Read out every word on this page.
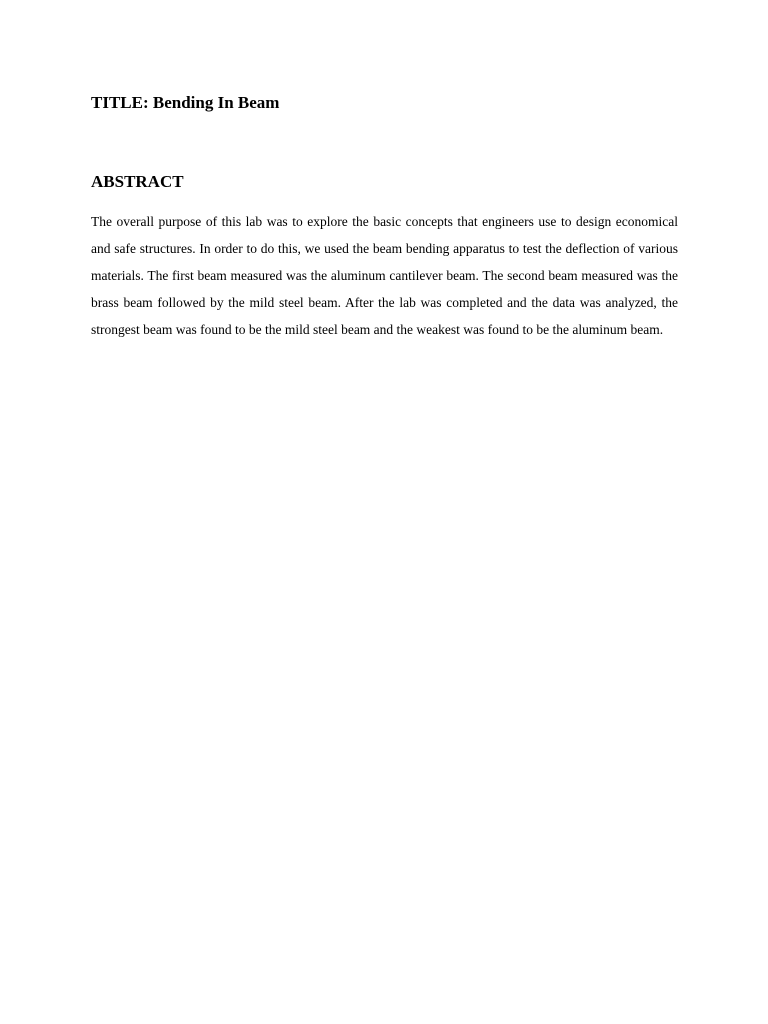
TITLE: Bending In Beam
ABSTRACT

The overall purpose of this lab was to explore the basic concepts that engineers use to design economical and safe structures. In order to do this, we used the beam bending apparatus to test the deflection of various materials. The first beam measured was the aluminum cantilever beam. The second beam measured was the brass beam followed by the mild steel beam. After the lab was completed and the data was analyzed, the strongest beam was found to be the mild steel beam and the weakest was found to be the aluminum beam.
